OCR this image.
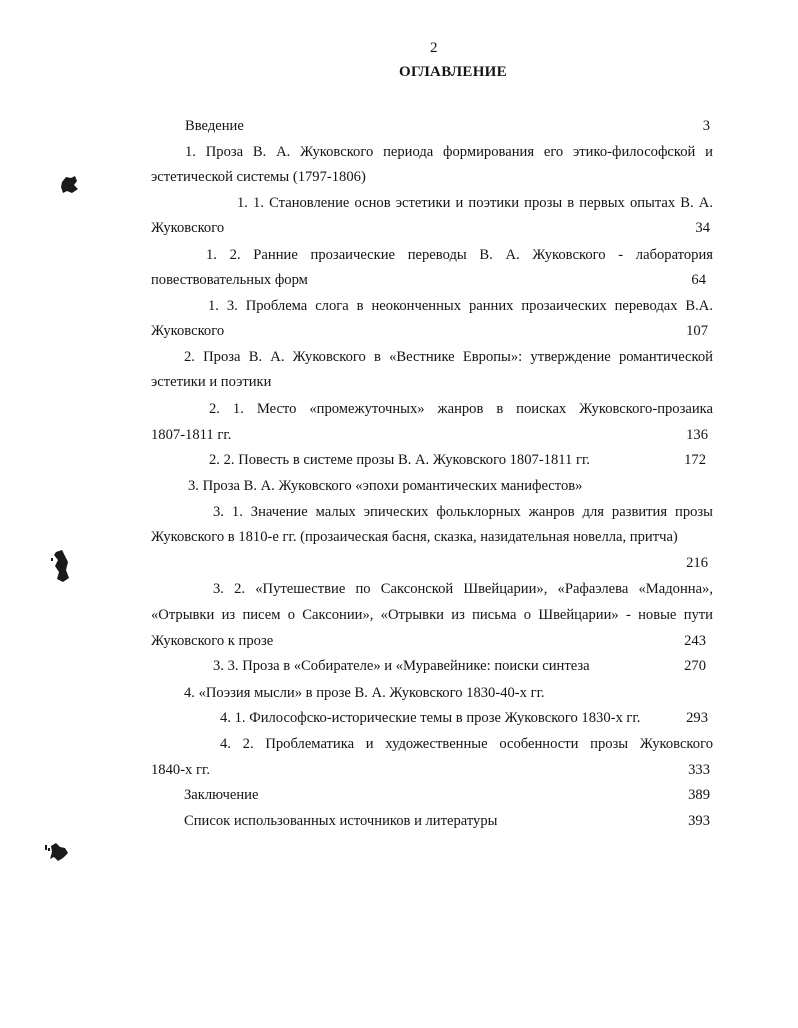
2
ОГЛАВЛЕНИЕ
Введение	3
1. Проза В. А. Жуковского периода формирования его этико-философской и
эстетической системы (1797-1806)
1. 1. Становление основ эстетики и поэтики прозы в первых опытах В. А.
Жуковского	34
1. 2. Ранние прозаические переводы В. А. Жуковского - лаборатория
повествовательных форм	64
1. 3. Проблема слога в неоконченных ранних прозаических переводах В.А.
Жуковского	107
2. Проза В. А. Жуковского в «Вестнике Европы»: утверждение романтической
эстетики и поэтики
2. 1. Место «промежуточных» жанров в поисках Жуковского-прозаика
1807-1811 гг.	136
2. 2. Повесть в системе прозы В. А. Жуковского 1807-1811 гг.	172
3. Проза В. А. Жуковского «эпохи романтических манифестов»
3. 1. Значение малых эпических фольклорных жанров для развития прозы
Жуковского в 1810-е гг. (прозаическая басня, сказка, назидательная новелла, притча)
216
3. 2. «Путешествие по Саксонской Швейцарии», «Рафаэлева «Мадонна»,
«Отрывки из писем о Саксонии», «Отрывки из письма о Швейцарии» - новые пути
Жуковского к прозе	243
3. 3. Проза в «Собирателе» и «Муравейнике: поиски синтеза	270
4. «Поэзия мысли» в прозе В. А. Жуковского 1830-40-х гг.
4. 1. Философско-исторические темы в прозе Жуковского 1830-х гг.	293
4. 2. Проблематика и художественные особенности прозы Жуковского
1840-х гг.	333
Заключение	389
Список использованных источников и литературы	393
